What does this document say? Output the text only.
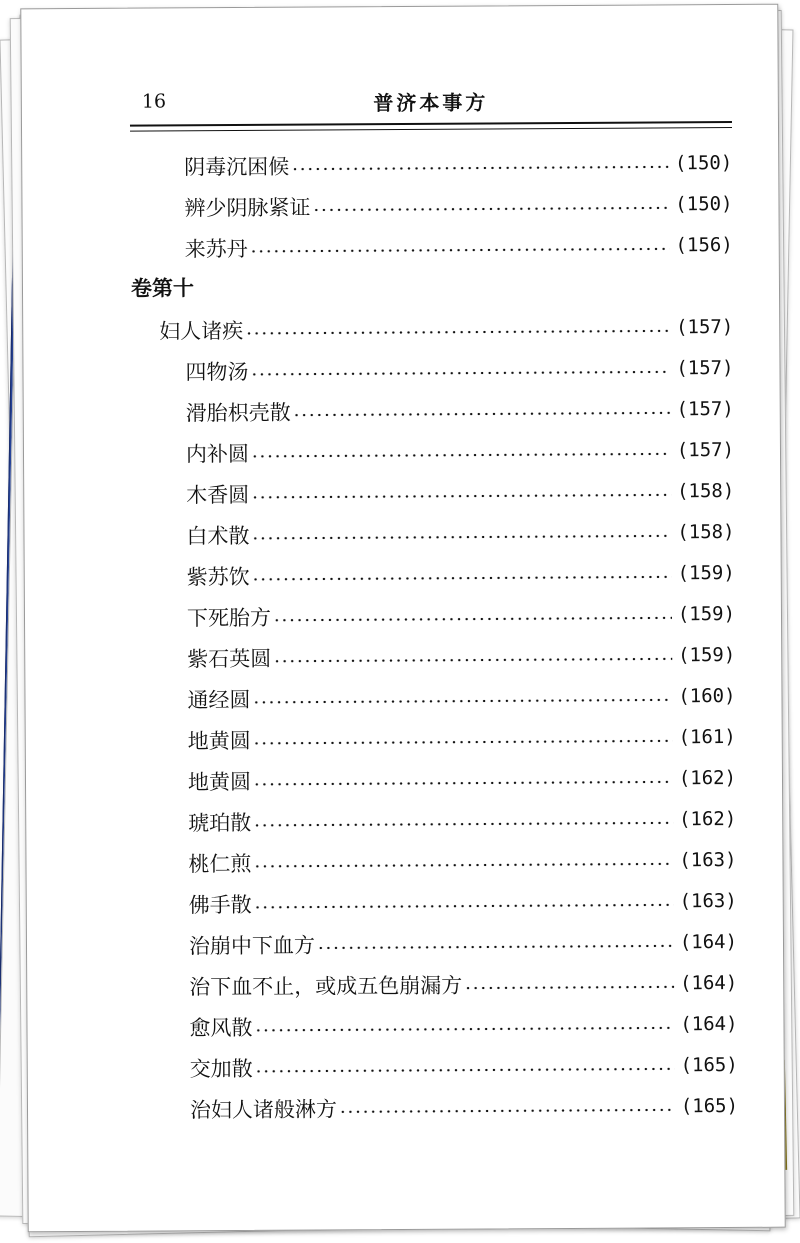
16	普济本事方
阴毒沉困候	(150)
辨少阴脉紧证	(150)
来苏丹	(156)
卷第十
妇人诸疾	(157)
四物汤	(157)
滑胎枳壳散	(157)
内补圆	(157)
木香圆	(158)
白术散	(158)
紫苏饮	(159)
下死胎方	(159)
紫石英圆	(159)
通经圆	(160)
地黄圆	(161)
地黄圆	(162)
琥珀散	(162)
桃仁煎	(163)
佛手散	(163)
治崩中下血方	(164)
治下血不止，或成五色崩漏方	(164)
愈风散	(164)
交加散	(165)
治妇人诸般淋方	(165)
